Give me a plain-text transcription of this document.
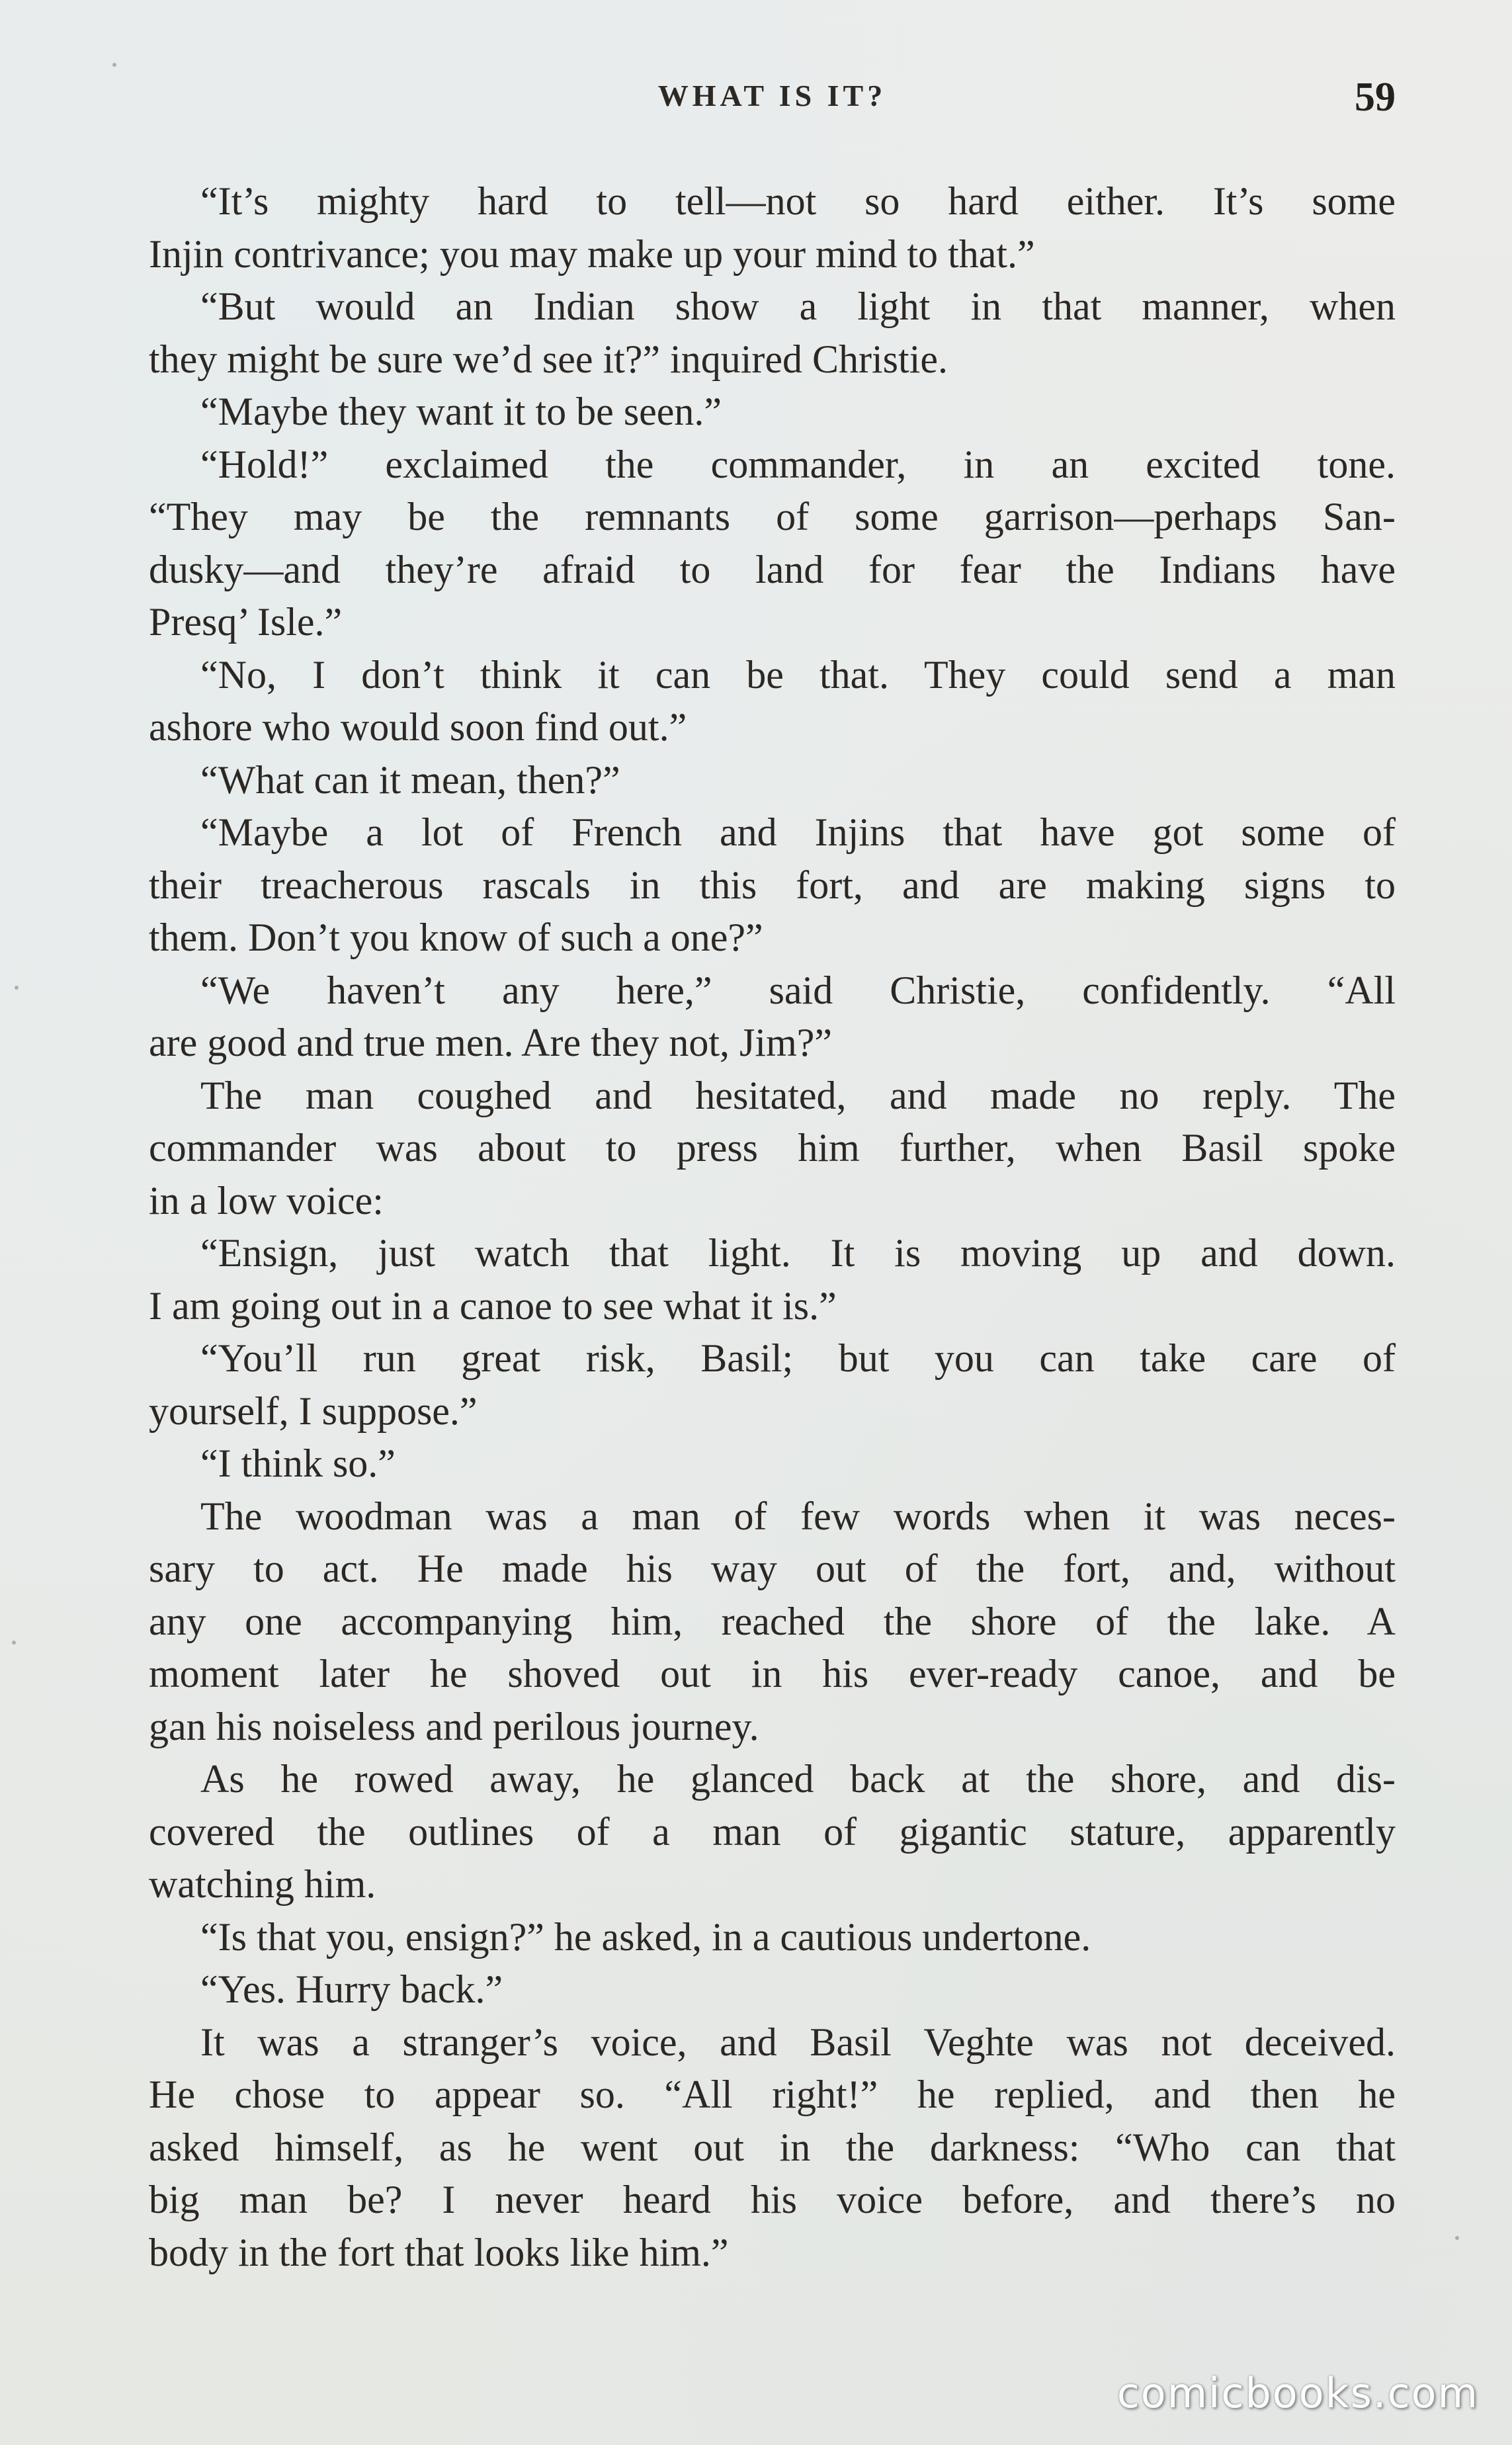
WHAT IS IT?	59
“It’s mighty hard to tell—not so hard either. It’s some
Injin contrivance; you may make up your mind to that.”
“But would an Indian show a light in that manner, when
they might be sure we’d see it?” inquired Christie.
“Maybe they want it to be seen.”
“Hold!” exclaimed the commander, in an excited tone.
“They may be the remnants of some garrison—perhaps San-
dusky—and they’re afraid to land for fear the Indians have
Presq’ Isle.”
“No, I don’t think it can be that. They could send a man
ashore who would soon find out.”
“What can it mean, then?”
“Maybe a lot of French and Injins that have got some of
their treacherous rascals in this fort, and are making signs to
them. Don’t you know of such a one?”
“We haven’t any here,” said Christie, confidently. “All
are good and true men. Are they not, Jim?”
The man coughed and hesitated, and made no reply. The
commander was about to press him further, when Basil spoke
in a low voice:
“Ensign, just watch that light. It is moving up and down.
I am going out in a canoe to see what it is.”
“You’ll run great risk, Basil; but you can take care of
yourself, I suppose.”
“I think so.”
The woodman was a man of few words when it was neces-
sary to act. He made his way out of the fort, and, without
any one accompanying him, reached the shore of the lake. A
moment later he shoved out in his ever-ready canoe, and be
gan his noiseless and perilous journey.
As he rowed away, he glanced back at the shore, and dis-
covered the outlines of a man of gigantic stature, apparently
watching him.
“Is that you, ensign?” he asked, in a cautious undertone.
“Yes. Hurry back.”
It was a stranger’s voice, and Basil Veghte was not deceived.
He chose to appear so. “All right!” he replied, and then he
asked himself, as he went out in the darkness: “Who can that
big man be? I never heard his voice before, and there’s no
body in the fort that looks like him.”
comicbooks.com
